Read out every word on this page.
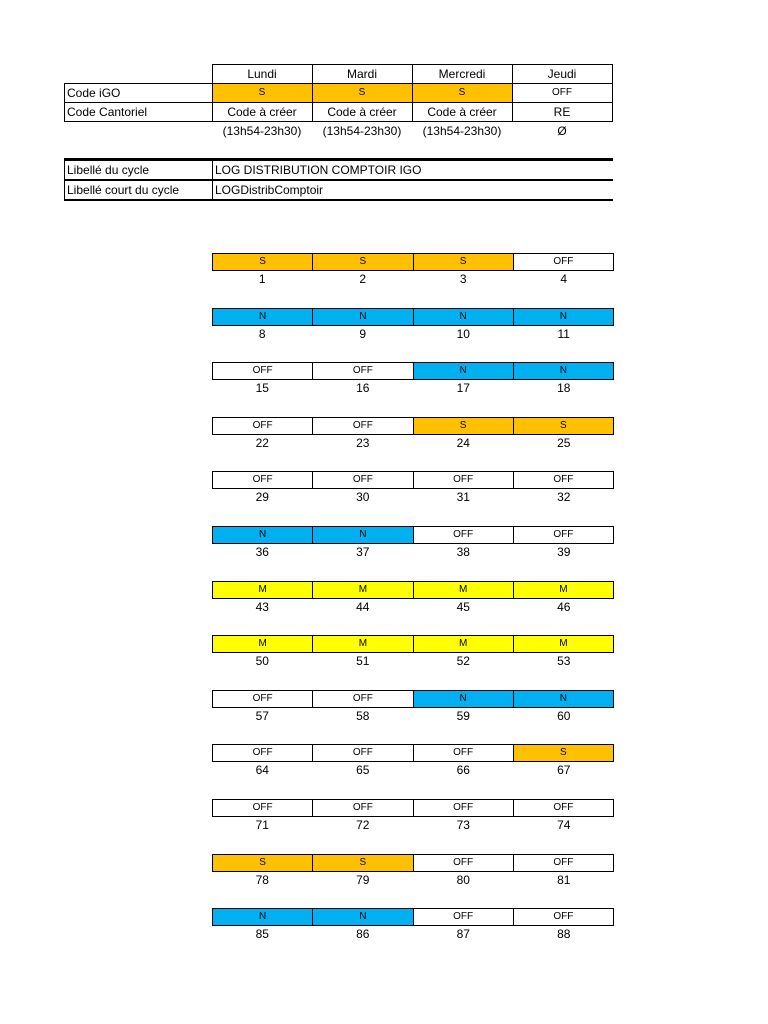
	Lundi	Mardi	Mercredi	Jeudi
Code iGO	S	S	S	OFF
Code Cantoriel	Code à créer	Code à créer	Code à créer	RE
	(13h54-23h30)	(13h54-23h30)	(13h54-23h30)	Ø
Libellé du cycle	LOG DISTRIBUTION COMPTOIR IGO
Libellé court du cycle	LOGDistribComptoir
S	S	S	OFF
1	2	3	4
N	N	N	N
8	9	10	11
OFF	OFF	N	N
15	16	17	18
OFF	OFF	S	S
22	23	24	25
OFF	OFF	OFF	OFF
29	30	31	32
N	N	OFF	OFF
36	37	38	39
M	M	M	M
43	44	45	46
M	M	M	M
50	51	52	53
OFF	OFF	N	N
57	58	59	60
OFF	OFF	OFF	S
64	65	66	67
OFF	OFF	OFF	OFF
71	72	73	74
S	S	OFF	OFF
78	79	80	81
N	N	OFF	OFF
85	86	87	88
